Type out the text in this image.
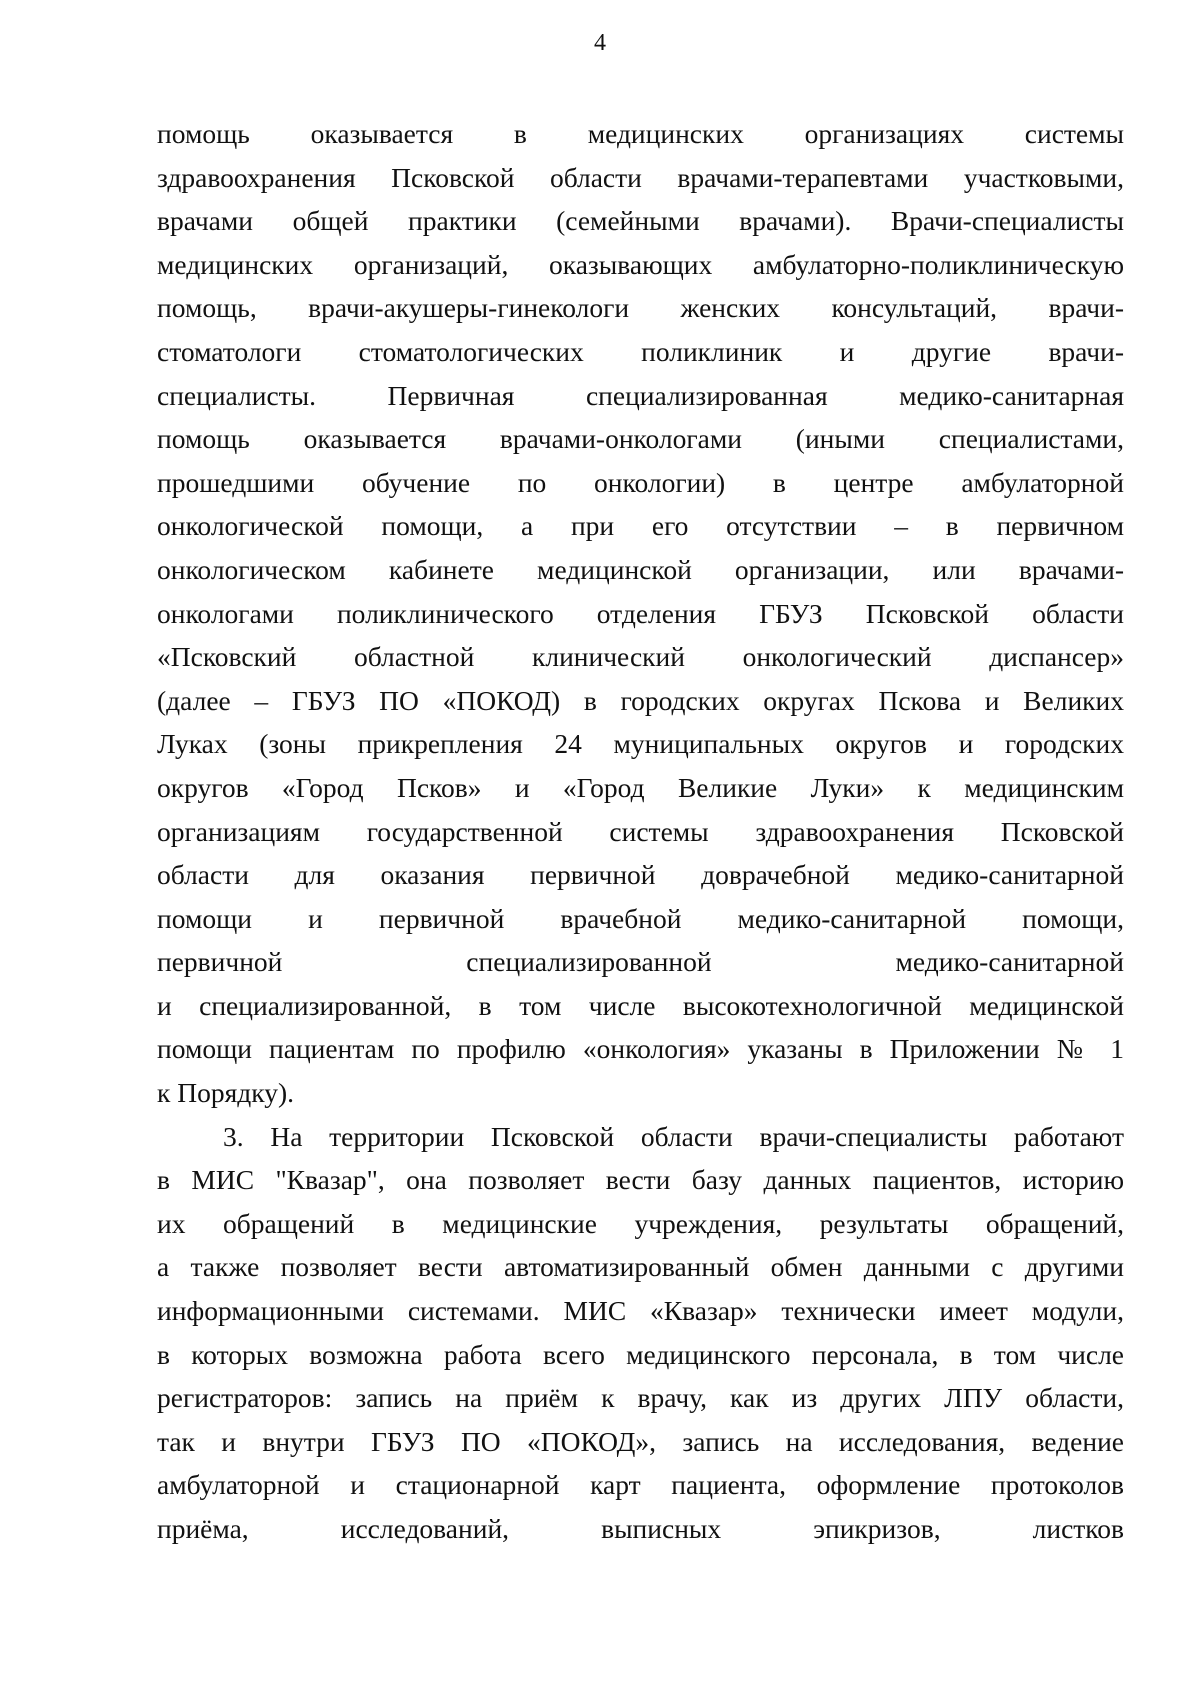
4
помощь оказывается в медицинских организациях системы
здравоохранения Псковской области врачами-терапевтами участковыми,
врачами общей практики (семейными врачами). Врачи-специалисты
медицинских организаций, оказывающих амбулаторно-поликлиническую
помощь, врачи-акушеры-гинекологи женских консультаций, врачи-
стоматологи стоматологических поликлиник и другие врачи-
специалисты. Первичная специализированная медико-санитарная
помощь оказывается врачами-онкологами (иными специалистами,
прошедшими обучение по онкологии) в центре амбулаторной
онкологической помощи, а при его отсутствии – в первичном
онкологическом кабинете медицинской организации, или врачами-
онкологами поликлинического отделения ГБУЗ Псковской области
«Псковский областной клинический онкологический диспансер»
(далее – ГБУЗ ПО «ПОКОД) в городских округах Пскова и Великих
Луках (зоны прикрепления 24 муниципальных округов и городских
округов «Город Псков» и «Город Великие Луки» к медицинским
организациям государственной системы здравоохранения Псковской
области для оказания первичной доврачебной медико-санитарной
помощи и первичной врачебной медико-санитарной помощи,
первичной специализированной медико-санитарной
и специализированной, в том числе высокотехнологичной медицинской
помощи пациентам по профилю «онкология» указаны в Приложении № 1
к Порядку).
3. На территории Псковской области врачи-специалисты работают
в МИС "Квазар", она позволяет вести базу данных пациентов, историю
их обращений в медицинские учреждения, результаты обращений,
а также позволяет вести автоматизированный обмен данными с другими
информационными системами. МИС «Квазар» технически имеет модули,
в которых возможна работа всего медицинского персонала, в том числе
регистраторов: запись на приём к врачу, как из других ЛПУ области,
так и внутри ГБУЗ ПО «ПОКОД», запись на исследования, ведение
амбулаторной и стационарной карт пациента, оформление протоколов
приёма, исследований, выписных эпикризов, листков
